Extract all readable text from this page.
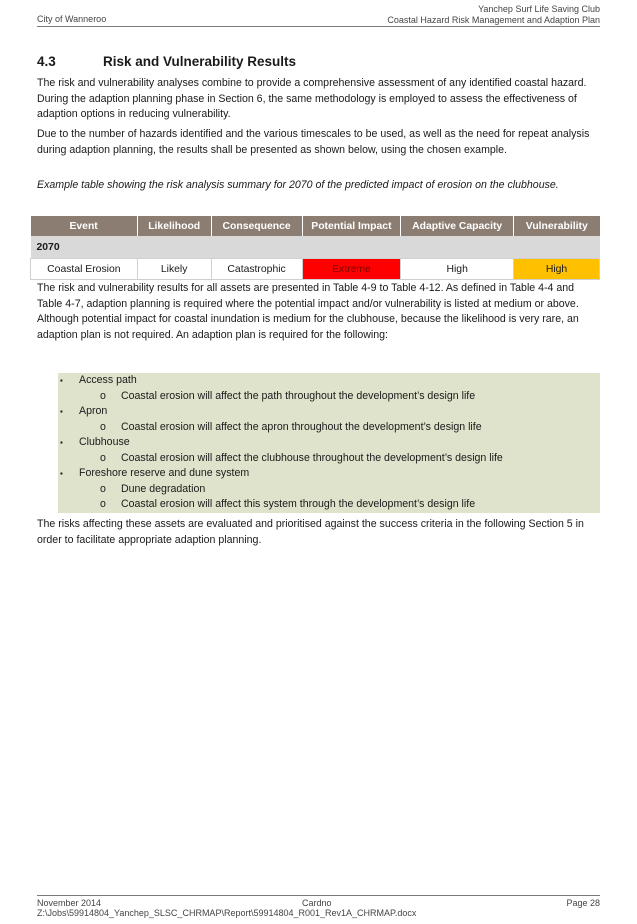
City of Wanneroo
Yanchep Surf Life Saving Club
Coastal Hazard Risk Management and Adaption Plan
4.3	Risk and Vulnerability Results
The risk and vulnerability analyses combine to provide a comprehensive assessment of any identified coastal hazard. During the adaption planning phase in Section 6, the same methodology is employed to assess the effectiveness of adaption options in reducing vulnerability.
Due to the number of hazards identified and the various timescales to be used, as well as the need for repeat analysis during adaption planning, the results shall be presented as shown below, using the chosen example.
Example table showing the risk analysis summary for 2070 of the predicted impact of erosion on the clubhouse.
Event	Likelihood	Consequence	Potential Impact	Adaptive Capacity	Vulnerability
2070					
Coastal Erosion	Likely	Catastrophic	Extreme	High	High
The risk and vulnerability results for all assets are presented in Table 4-9 to Table 4-12. As defined in Table 4-4 and Table 4-7, adaption planning is required where the potential impact and/or vulnerability is listed at medium or above. Although potential impact for coastal inundation is medium for the clubhouse, because the likelihood is very rare, an adaption plan is not required. An adaption plan is required for the following:
▪ Access path
o Coastal erosion will affect the path throughout the development’s design life
▪ Apron
o Coastal erosion will affect the apron throughout the development’s design life
▪ Clubhouse
o Coastal erosion will affect the clubhouse throughout the development’s design life
▪ Foreshore reserve and dune system
o Dune degradation
o Coastal erosion will affect this system through the development’s design life
The risks affecting these assets are evaluated and prioritised against the success criteria in the following Section 5 in order to facilitate appropriate adaption planning.
November 2014
Z:\Jobs\59914804_Yanchep_SLSC_CHRMAP\Report\59914804_R001_Rev1A_CHRMAP.docx
Cardno	Page 28
